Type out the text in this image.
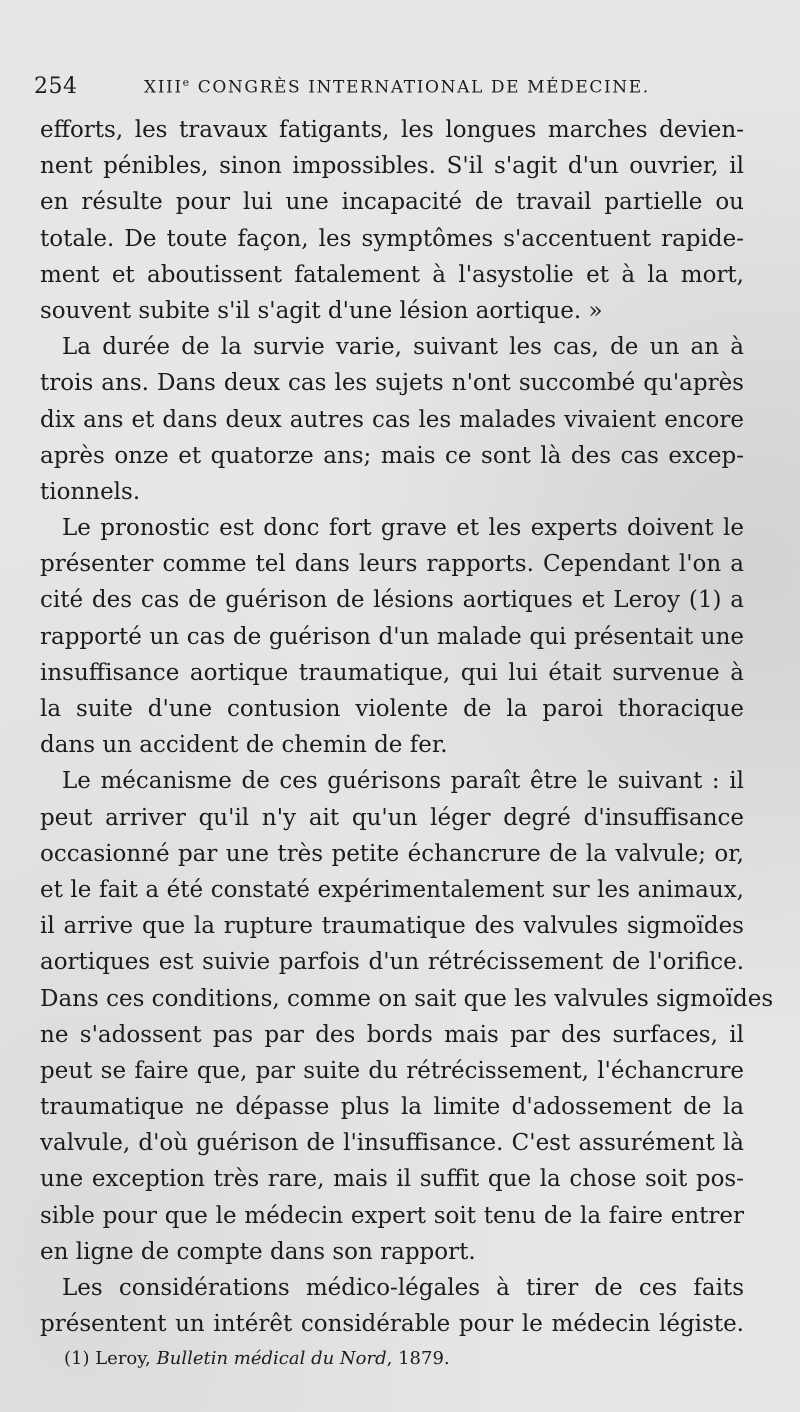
254	XIIIe CONGRÈS INTERNATIONAL DE MÉDECINE.
efforts, les travaux fatigants, les longues marches devien-
nent pénibles, sinon impossibles. S'il s'agit d'un ouvrier, il
en résulte pour lui une incapacité de travail partielle ou
totale. De toute façon, les symptômes s'accentuent rapide-
ment et aboutissent fatalement à l'asystolie et à la mort,
souvent subite s'il s'agit d'une lésion aortique. »
La durée de la survie varie, suivant les cas, de un an à
trois ans. Dans deux cas les sujets n'ont succombé qu'après
dix ans et dans deux autres cas les malades vivaient encore
après onze et quatorze ans; mais ce sont là des cas excep-
tionnels.
Le pronostic est donc fort grave et les experts doivent le
présenter comme tel dans leurs rapports. Cependant l'on a
cité des cas de guérison de lésions aortiques et Leroy (1) a
rapporté un cas de guérison d'un malade qui présentait une
insuffisance aortique traumatique, qui lui était survenue à
la suite d'une contusion violente de la paroi thoracique
dans un accident de chemin de fer.
Le mécanisme de ces guérisons paraît être le suivant : il
peut arriver qu'il n'y ait qu'un léger degré d'insuffisance
occasionné par une très petite échancrure de la valvule; or,
et le fait a été constaté expérimentalement sur les animaux,
il arrive que la rupture traumatique des valvules sigmoïdes
aortiques est suivie parfois d'un rétrécissement de l'orifice.
Dans ces conditions, comme on sait que les valvules sigmoïdes
ne s'adossent pas par des bords mais par des surfaces, il
peut se faire que, par suite du rétrécissement, l'échancrure
traumatique ne dépasse plus la limite d'adossement de la
valvule, d'où guérison de l'insuffisance. C'est assurément là
une exception très rare, mais il suffit que la chose soit pos-
sible pour que le médecin expert soit tenu de la faire entrer
en ligne de compte dans son rapport.
Les considérations médico-légales à tirer de ces faits
présentent un intérêt considérable pour le médecin légiste.
(1) Leroy, Bulletin médical du Nord, 1879.
